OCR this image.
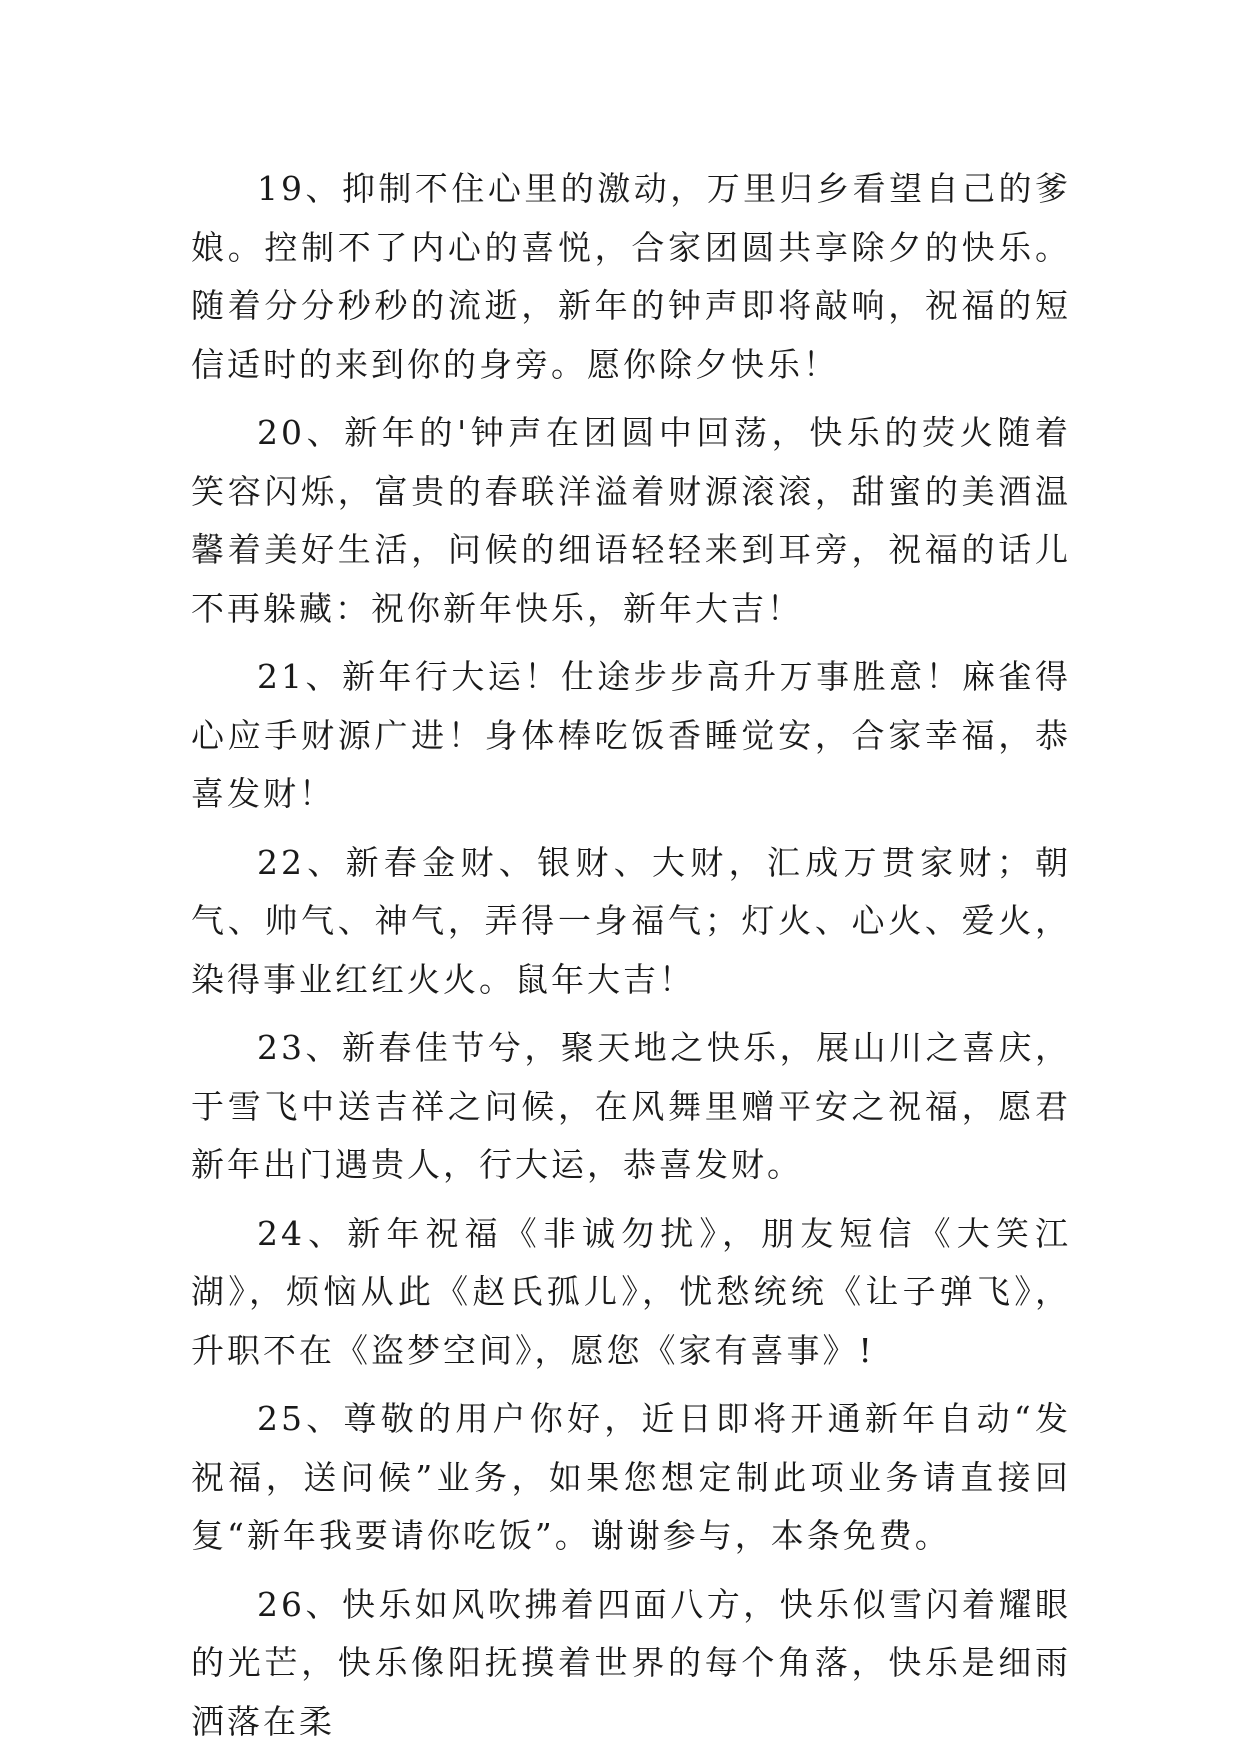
19、抑制不住心里的激动，万里归乡看望自己的爹娘。控制不了内心的喜悦，合家团圆共享除夕的快乐。随着分分秒秒的流逝，新年的钟声即将敲响，祝福的短信适时的来到你的身旁。愿你除夕快乐！

20、新年的'钟声在团圆中回荡，快乐的荧火随着笑容闪烁，富贵的春联洋溢着财源滚滚，甜蜜的美酒温馨着美好生活，问候的细语轻轻来到耳旁，祝福的话儿不再躲藏：祝你新年快乐，新年大吉！

21、新年行大运！仕途步步高升万事胜意！麻雀得心应手财源广进！身体棒吃饭香睡觉安，合家幸福，恭喜发财！

22、新春金财、银财、大财，汇成万贯家财；朝气、帅气、神气，弄得一身福气；灯火、心火、爱火，染得事业红红火火。鼠年大吉！

23、新春佳节兮，聚天地之快乐，展山川之喜庆，于雪飞中送吉祥之问候，在风舞里赠平安之祝福，愿君新年出门遇贵人，行大运，恭喜发财。

24、新年祝福《非诚勿扰》，朋友短信《大笑江湖》，烦恼从此《赵氏孤儿》，忧愁统统《让子弹飞》，升职不在《盗梦空间》，愿您《家有喜事》!

25、尊敬的用户你好，近日即将开通新年自动“发祝福，送问候”业务，如果您想定制此项业务请直接回复“新年我要请你吃饭”。谢谢参与，本条免费。

26、快乐如风吹拂着四面八方，快乐似雪闪着耀眼的光芒，快乐像阳抚摸着世界的每个角落，快乐是细雨洒落在柔
